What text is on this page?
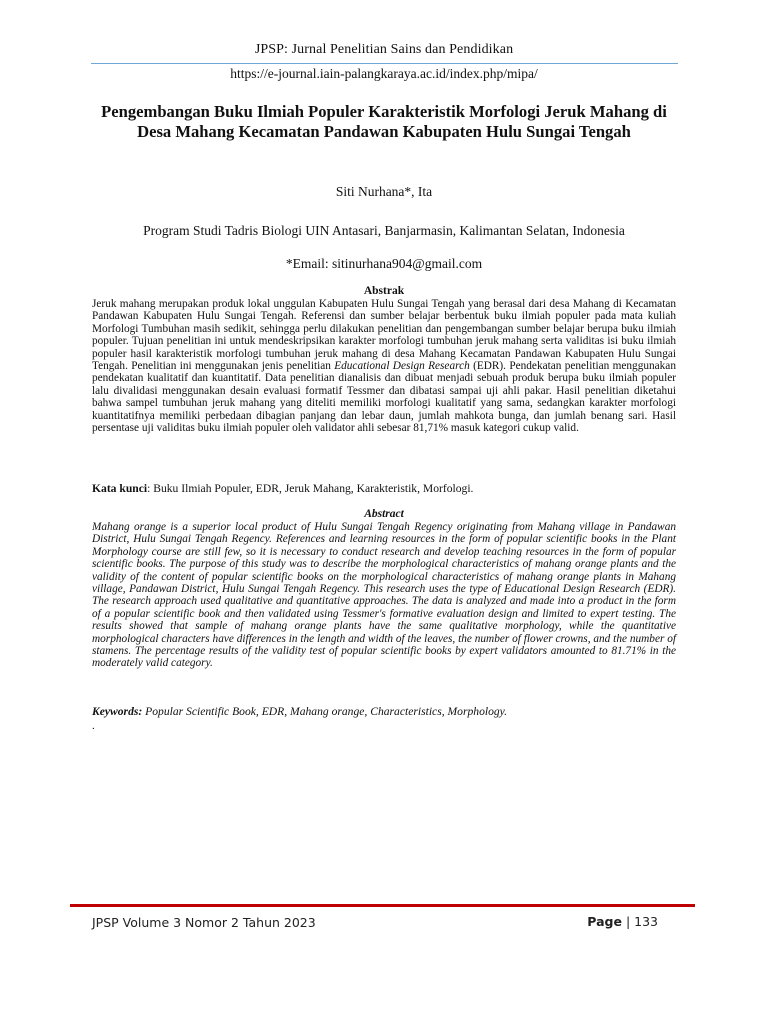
JPSP: Jurnal Penelitian Sains dan Pendidikan
https://e-journal.iain-palangkaraya.ac.id/index.php/mipa/
Pengembangan Buku Ilmiah Populer Karakteristik Morfologi Jeruk Mahang di Desa Mahang Kecamatan Pandawan Kabupaten Hulu Sungai Tengah
Siti Nurhana*, Ita
Program Studi Tadris Biologi UIN Antasari, Banjarmasin, Kalimantan Selatan, Indonesia
*Email: sitinurhana904@gmail.com
Abstrak
Jeruk mahang merupakan produk lokal unggulan Kabupaten Hulu Sungai Tengah yang berasal dari desa Mahang di Kecamatan Pandawan Kabupaten Hulu Sungai Tengah. Referensi dan sumber belajar berbentuk buku ilmiah populer pada mata kuliah Morfologi Tumbuhan masih sedikit, sehingga perlu dilakukan penelitian dan pengembangan sumber belajar berupa buku ilmiah populer. Tujuan penelitian ini untuk mendeskripsikan karakter morfologi tumbuhan jeruk mahang serta validitas isi buku ilmiah populer hasil karakteristik morfologi tumbuhan jeruk mahang di desa Mahang Kecamatan Pandawan Kabupaten Hulu Sungai Tengah. Penelitian ini menggunakan jenis penelitian Educational Design Research (EDR). Pendekatan penelitian menggunakan pendekatan kualitatif dan kuantitatif. Data penelitian dianalisis dan dibuat menjadi sebuah produk berupa buku ilmiah populer lalu divalidasi menggunakan desain evaluasi formatif Tessmer dan dibatasi sampai uji ahli pakar. Hasil penelitian diketahui bahwa sampel tumbuhan jeruk mahang yang diteliti memiliki morfologi kualitatif yang sama, sedangkan karakter morfologi kuantitatifnya memiliki perbedaan dibagian panjang dan lebar daun, jumlah mahkota bunga, dan jumlah benang sari. Hasil persentase uji validitas buku ilmiah populer oleh validator ahli sebesar 81,71% masuk kategori cukup valid.
Kata kunci: Buku Ilmiah Populer, EDR, Jeruk Mahang, Karakteristik, Morfologi.
Abstract
Mahang orange is a superior local product of Hulu Sungai Tengah Regency originating from Mahang village in Pandawan District, Hulu Sungai Tengah Regency. References and learning resources in the form of popular scientific books in the Plant Morphology course are still few, so it is necessary to conduct research and develop teaching resources in the form of popular scientific books. The purpose of this study was to describe the morphological characteristics of mahang orange plants and the validity of the content of popular scientific books on the morphological characteristics of mahang orange plants in Mahang village, Pandawan District, Hulu Sungai Tengah Regency. This research uses the type of Educational Design Research (EDR). The research approach used qualitative and quantitative approaches. The data is analyzed and made into a product in the form of a popular scientific book and then validated using Tessmer's formative evaluation design and limited to expert testing. The results showed that sample of mahang orange plants have the same qualitative morphology, while the quantitative morphological characters have differences in the length and width of the leaves, the number of flower crowns, and the number of stamens. The percentage results of the validity test of popular scientific books by expert validators amounted to 81.71% in the moderately valid category.
Keywords: Popular Scientific Book, EDR, Mahang orange, Characteristics, Morphology.
.
JPSP Volume 3 Nomor 2 Tahun 2023	Page | 133
